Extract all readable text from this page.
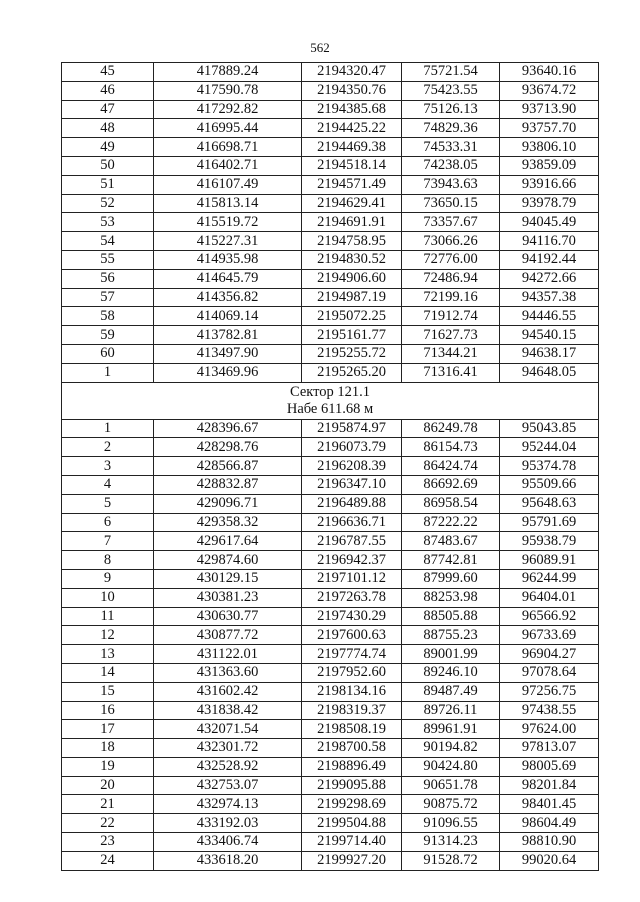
562
45	417889.24	2194320.47	75721.54	93640.16
46	417590.78	2194350.76	75423.55	93674.72
47	417292.82	2194385.68	75126.13	93713.90
48	416995.44	2194425.22	74829.36	93757.70
49	416698.71	2194469.38	74533.31	93806.10
50	416402.71	2194518.14	74238.05	93859.09
51	416107.49	2194571.49	73943.63	93916.66
52	415813.14	2194629.41	73650.15	93978.79
53	415519.72	2194691.91	73357.67	94045.49
54	415227.31	2194758.95	73066.26	94116.70
55	414935.98	2194830.52	72776.00	94192.44
56	414645.79	2194906.60	72486.94	94272.66
57	414356.82	2194987.19	72199.16	94357.38
58	414069.14	2195072.25	71912.74	94446.55
59	413782.81	2195161.77	71627.73	94540.15
60	413497.90	2195255.72	71344.21	94638.17
1	413469.96	2195265.20	71316.41	94648.05

Сектор 121.1
Набе 611.68 м				

1	428396.67	2195874.97	86249.78	95043.85
2	428298.76	2196073.79	86154.73	95244.04
3	428566.87	2196208.39	86424.74	95374.78
4	428832.87	2196347.10	86692.69	95509.66
5	429096.71	2196489.88	86958.54	95648.63
6	429358.32	2196636.71	87222.22	95791.69
7	429617.64	2196787.55	87483.67	95938.79
8	429874.60	2196942.37	87742.81	96089.91
9	430129.15	2197101.12	87999.60	96244.99
10	430381.23	2197263.78	88253.98	96404.01
11	430630.77	2197430.29	88505.88	96566.92
12	430877.72	2197600.63	88755.23	96733.69
13	431122.01	2197774.74	89001.99	96904.27
14	431363.60	2197952.60	89246.10	97078.64
15	431602.42	2198134.16	89487.49	97256.75
16	431838.42	2198319.37	89726.11	97438.55
17	432071.54	2198508.19	89961.91	97624.00
18	432301.72	2198700.58	90194.82	97813.07
19	432528.92	2198896.49	90424.80	98005.69
20	432753.07	2199095.88	90651.78	98201.84
21	432974.13	2199298.69	90875.72	98401.45
22	433192.03	2199504.88	91096.55	98604.49
23	433406.74	2199714.40	91314.23	98810.90
24	433618.20	2199927.20	91528.72	99020.64
